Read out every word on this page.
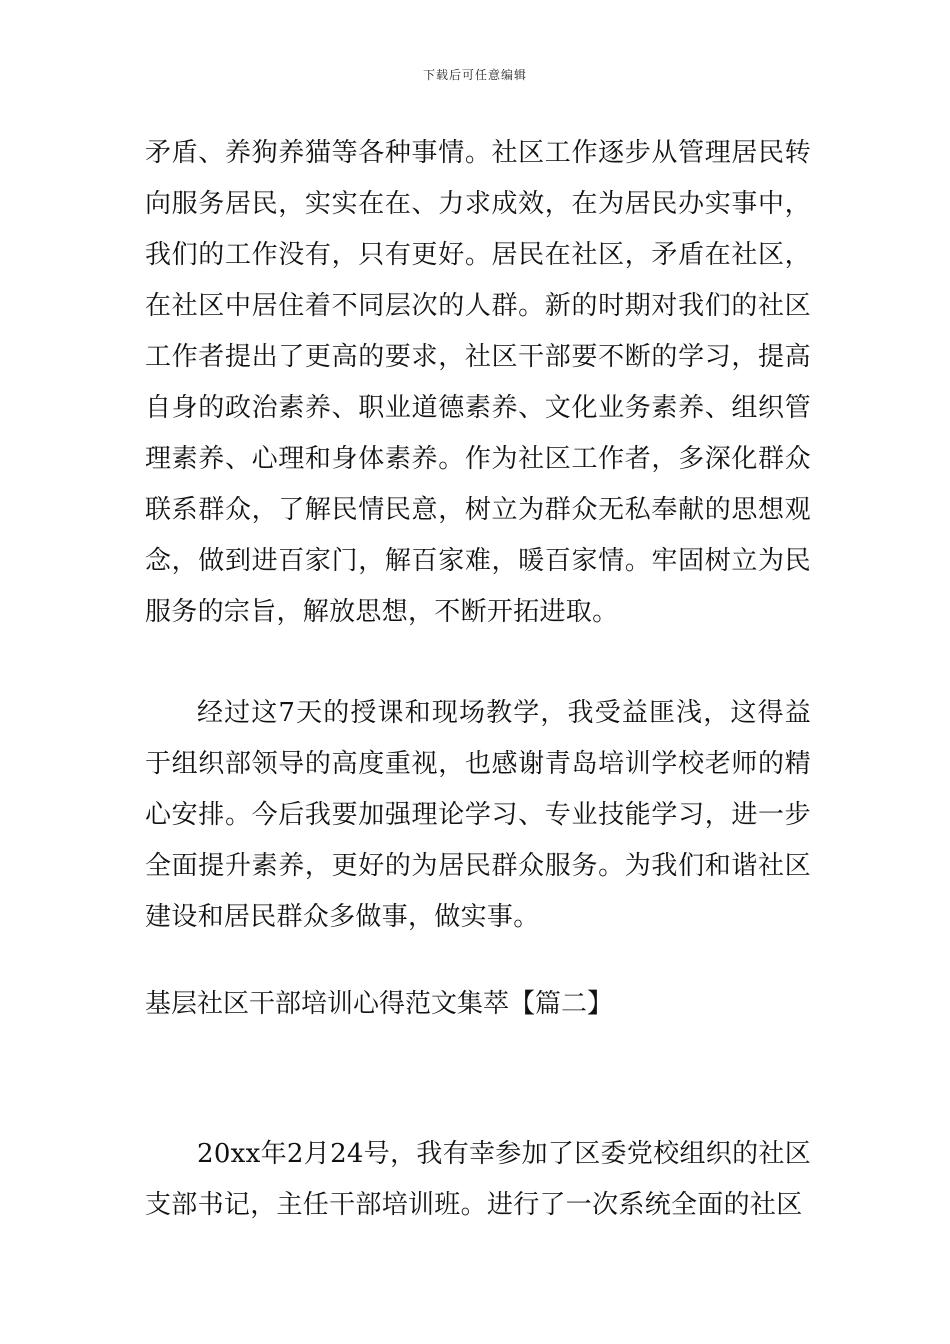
下载后可任意编辑

矛盾、养狗养猫等各种事情。社区工作逐步从管理居民转向服务居民，实实在在、力求成效，在为居民办实事中，我们的工作没有，只有更好。居民在社区，矛盾在社区，在社区中居住着不同层次的人群。新的时期对我们的社区工作者提出了更高的要求，社区干部要不断的学习，提高自身的政治素养、职业道德素养、文化业务素养、组织管理素养、心理和身体素养。作为社区工作者，多深化群众联系群众，了解民情民意，树立为群众无私奉献的思想观念，做到进百家门，解百家难，暖百家情。牢固树立为民服务的宗旨，解放思想，不断开拓进取。

经过这7天的授课和现场教学，我受益匪浅，这得益于组织部领导的高度重视，也感谢青岛培训学校老师的精心安排。今后我要加强理论学习、专业技能学习，进一步全面提升素养，更好的为居民群众服务。为我们和谐社区建设和居民群众多做事，做实事。

基层社区干部培训心得范文集萃【篇二】

20xx年2月24号，我有幸参加了区委党校组织的社区支部书记，主任干部培训班。进行了一次系统全面的社区
